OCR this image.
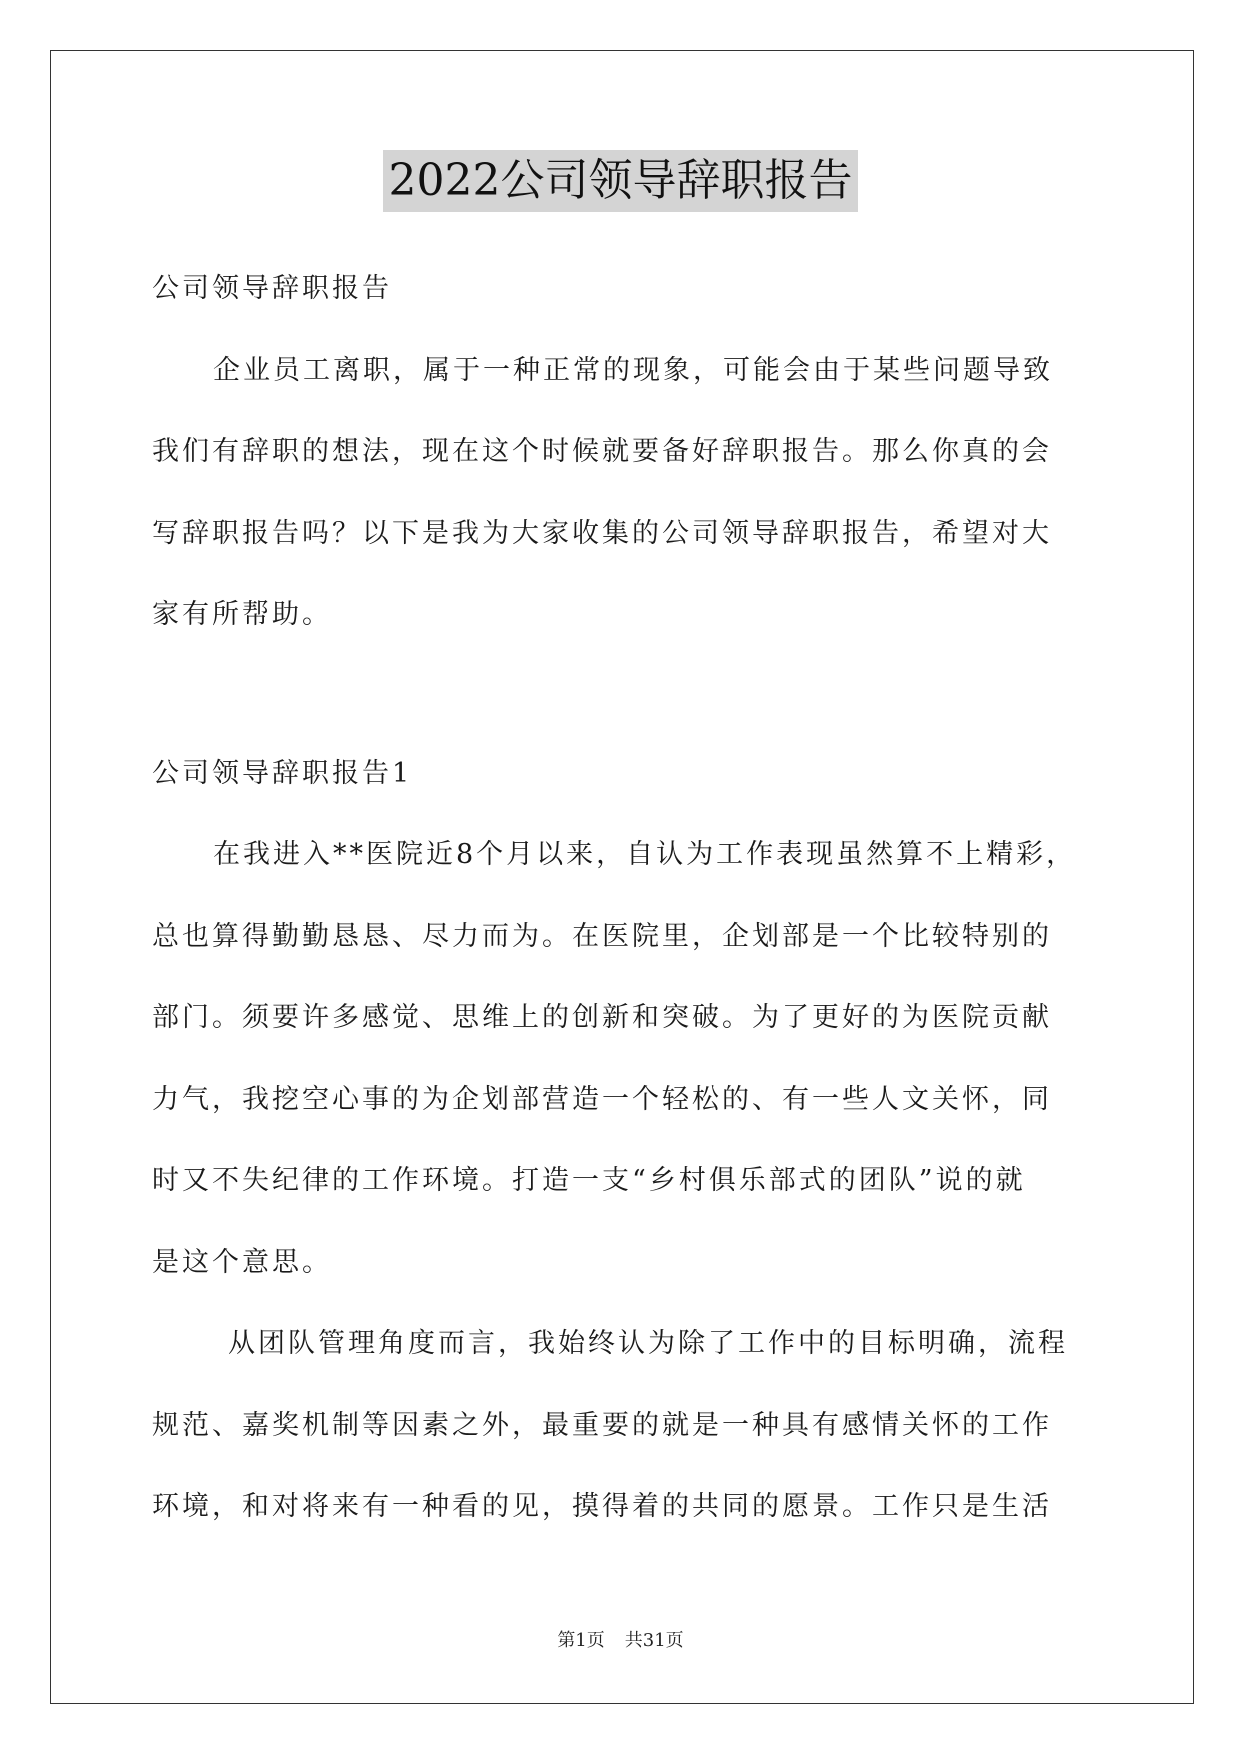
2022公司领导辞职报告
公司领导辞职报告
企业员工离职，属于一种正常的现象，可能会由于某些问题导致
我们有辞职的想法，现在这个时候就要备好辞职报告。那么你真的会
写辞职报告吗？以下是我为大家收集的公司领导辞职报告，希望对大
家有所帮助。
公司领导辞职报告1
在我进入**医院近8个月以来，自认为工作表现虽然算不上精彩，
总也算得勤勤恳恳、尽力而为。在医院里，企划部是一个比较特别的
部门。须要许多感觉、思维上的创新和突破。为了更好的为医院贡献
力气，我挖空心事的为企划部营造一个轻松的、有一些人文关怀，同
时又不失纪律的工作环境。打造一支“乡村俱乐部式的团队”说的就
是这个意思。
从团队管理角度而言，我始终认为除了工作中的目标明确，流程
规范、嘉奖机制等因素之外，最重要的就是一种具有感情关怀的工作
环境，和对将来有一种看的见，摸得着的共同的愿景。工作只是生活
第1页 共31页
